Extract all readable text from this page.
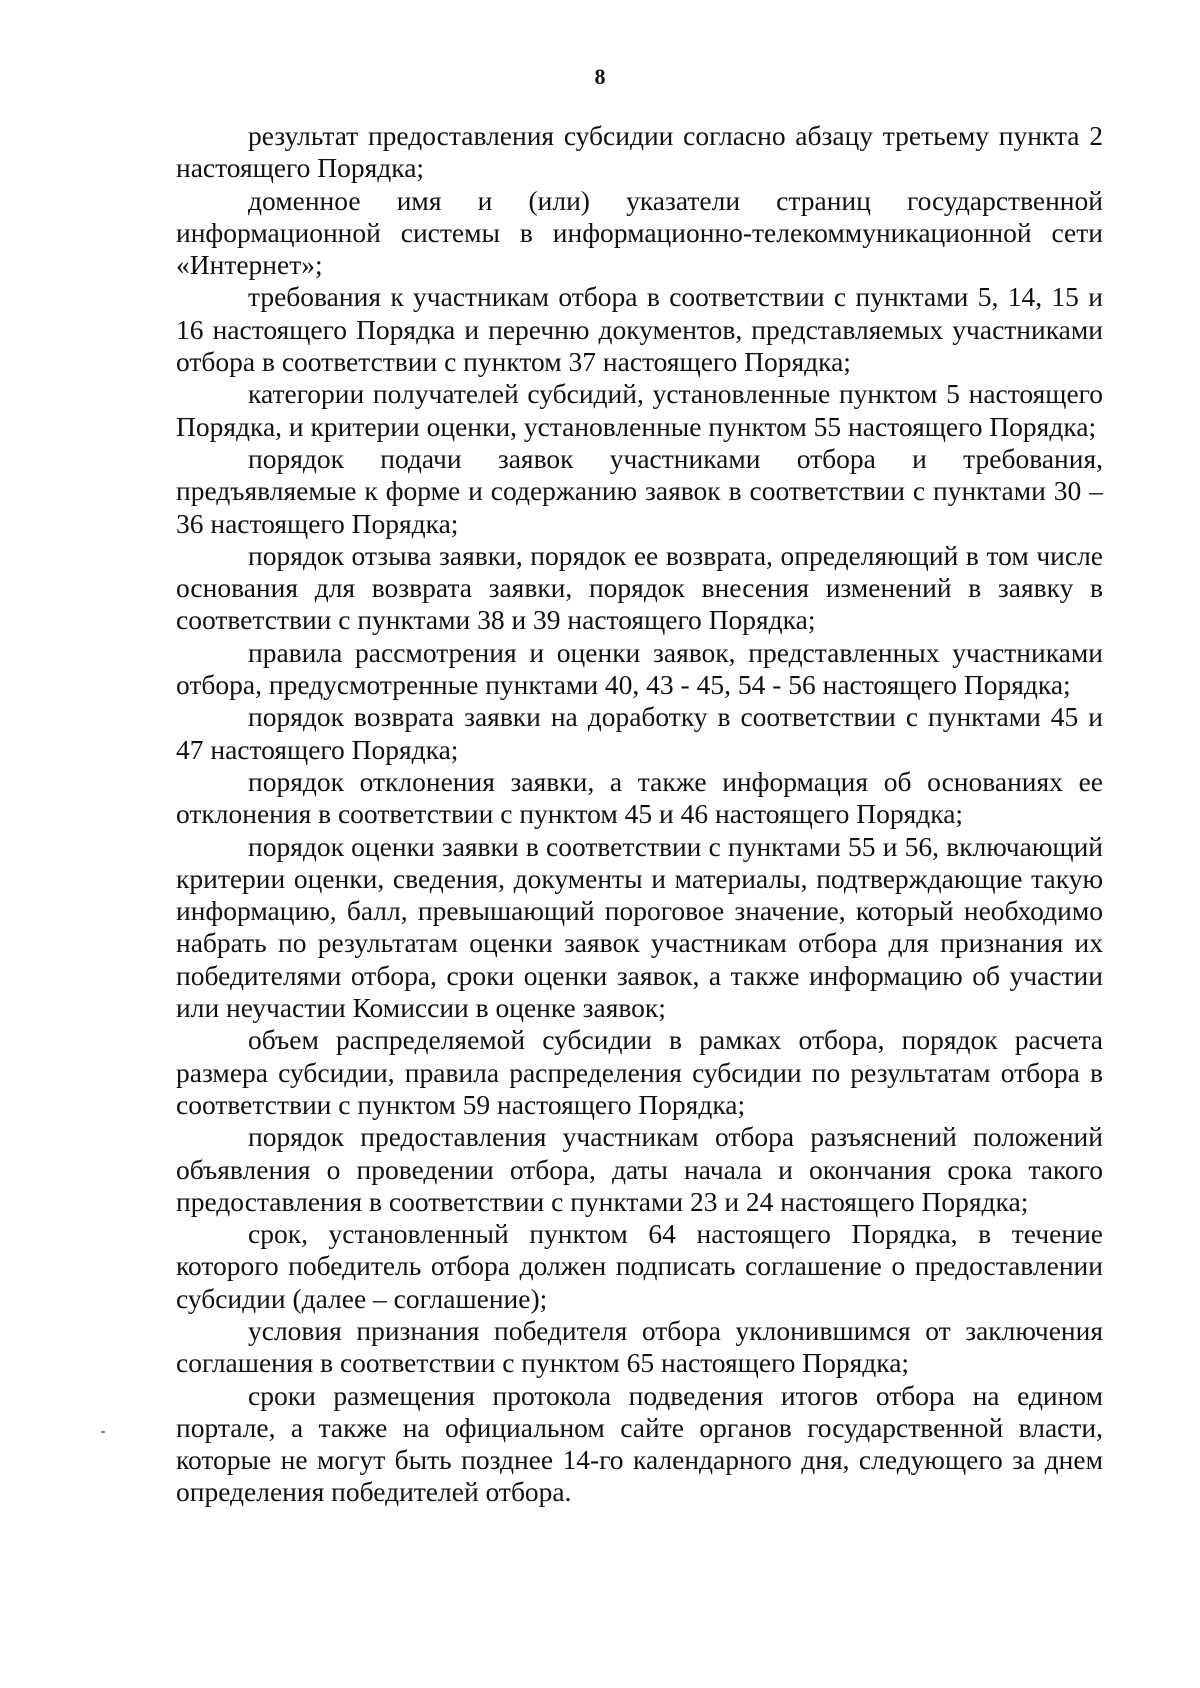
8

результат предоставления субсидии согласно абзацу третьему пункта 2 настоящего Порядка;

доменное имя и (или) указатели страниц государственной информационной системы в информационно-телекоммуникационной сети «Интернет»;

требования к участникам отбора в соответствии с пунктами 5, 14, 15 и 16 настоящего Порядка и перечню документов, представляемых участниками отбора в соответствии с пунктом 37 настоящего Порядка;

категории получателей субсидий, установленные пунктом 5 настоящего Порядка, и критерии оценки, установленные пунктом 55 настоящего Порядка;

порядок подачи заявок участниками отбора и требования, предъявляемые к форме и содержанию заявок в соответствии с пунктами 30 – 36 настоящего Порядка;

порядок отзыва заявки, порядок ее возврата, определяющий в том числе основания для возврата заявки, порядок внесения изменений в заявку в соответствии с пунктами 38 и 39 настоящего Порядка;

правила рассмотрения и оценки заявок, представленных участниками отбора, предусмотренные пунктами 40, 43 - 45, 54 - 56 настоящего Порядка;

порядок возврата заявки на доработку в соответствии с пунктами 45 и 47 настоящего Порядка;

порядок отклонения заявки, а также информация об основаниях ее отклонения в соответствии с пунктом 45 и 46 настоящего Порядка;

порядок оценки заявки в соответствии с пунктами 55 и 56, включающий критерии оценки, сведения, документы и материалы, подтверждающие такую информацию, балл, превышающий пороговое значение, который необходимо набрать по результатам оценки заявок участникам отбора для признания их победителями отбора, сроки оценки заявок, а также информацию об участии или неучастии Комиссии в оценке заявок;

объем распределяемой субсидии в рамках отбора, порядок расчета размера субсидии, правила распределения субсидии по результатам отбора в соответствии с пунктом 59 настоящего Порядка;

порядок предоставления участникам отбора разъяснений положений объявления о проведении отбора, даты начала и окончания срока такого предоставления в соответствии с пунктами 23 и 24 настоящего Порядка;

срок, установленный пунктом 64 настоящего Порядка, в течение которого победитель отбора должен подписать соглашение о предоставлении субсидии (далее – соглашение);

условия признания победителя отбора уклонившимся от заключения соглашения в соответствии с пунктом 65 настоящего Порядка;

сроки размещения протокола подведения итогов отбора на едином портале, а также на официальном сайте органов государственной власти, которые не могут быть позднее 14-го календарного дня, следующего за днем определения победителей отбора.
